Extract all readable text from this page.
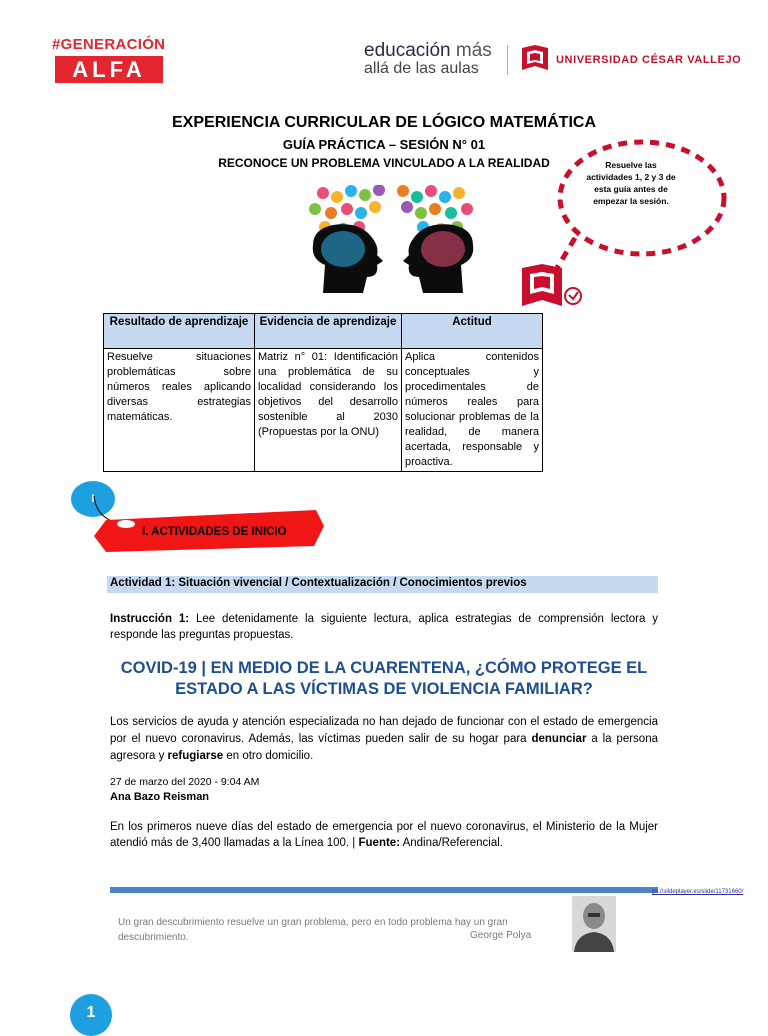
#GENERACIÓN
ALFA
educación más
allá de las aulas	UNIVERSIDAD CÉSAR VALLEJO
EXPERIENCIA CURRICULAR DE LÓGICO MATEMÁTICA
GUÍA PRÁCTICA – SESIÓN N° 01
RECONOCE UN PROBLEMA VINCULADO A LA REALIDAD	Resuelve las actividades 1, 2 y 3 de esta guía antes de empezar la sesión.
Resultado de aprendizaje	Evidencia de aprendizaje	Actitud
Resuelve situaciones problemáticas sobre números reales aplicando diversas estrategias matemáticas.	Matriz n° 01: Identificación una problemática de su localidad considerando los objetivos del desarrollo sostenible al 2030 (Propuestas por la ONU)	Aplica contenidos conceptuales y procedimentales de números reales para solucionar problemas de la realidad, de manera acertada, responsable y proactiva.
I
I. ACTIVIDADES DE INICIO
Actividad 1: Situación vivencial / Contextualización / Conocimientos previos
Instrucción 1: Lee detenidamente la siguiente lectura, aplica estrategias de comprensión lectora y responde las preguntas propuestas.
COVID-19 | EN MEDIO DE LA CUARENTENA, ¿CÓMO PROTEGE EL ESTADO A LAS VÍCTIMAS DE VIOLENCIA FAMILIAR?
Los servicios de ayuda y atención especializada no han dejado de funcionar con el estado de emergencia por el nuevo coronavirus. Además, las víctimas pueden salir de su hogar para denunciar a la persona agresora y refugiarse en otro domicilio.
27 de marzo del 2020 - 9:04 AM
Ana Bazo Reisman
En los primeros nueve días del estado de emergencia por el nuevo coronavirus, el Ministerio de la Mujer atendió más de 3,400 llamadas a la Línea 100. | Fuente: Andina/Referencial.
ps://slideplayer.es/slide/11731660/
Un gran descubrimiento resuelve un gran problema, pero en todo problema hay un gran descubrimiento.	George Polya
1
